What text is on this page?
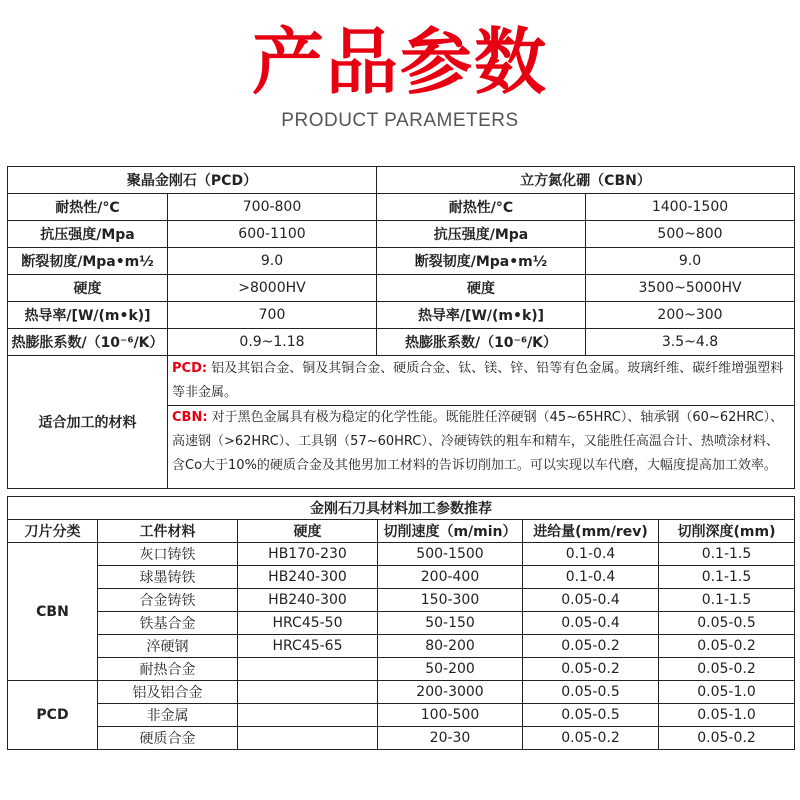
产品参数
PRODUCT PARAMETERS
聚晶金刚石（PCD）		立方氮化硼（CBN）	
耐热性/°C	700-800	耐热性/°C	1400-1500
抗压强度/Mpa	600-1100	抗压强度/Mpa	500~800
断裂韧度/Mpa•m½	9.0	断裂韧度/Mpa•m½	9.0
硬度	>8000HV	硬度	3500~5000HV
热导率/[W/(m•k)]	700	热导率/[W/(m•k)]	200~300
热膨胀系数/（10⁻⁶/K）	0.9~1.18	热膨胀系数/（10⁻⁶/K）	3.5~4.8
适合加工的材料	PCD: 铝及其铝合金、铜及其铜合金、硬质合金、钛、镁、锌、铅等有色金属。玻璃纤维、碳纤维增强塑料等非金属。
CBN: 对于黑色金属具有极为稳定的化学性能。既能胜任淬硬钢（45~65HRC）、轴承钢（60~62HRC）、高速钢（>62HRC）、工具钢（57~60HRC）、冷硬铸铁的粗车和精车，又能胜任高温合计、热喷涂材料、含Co大于10%的硬质合金及其他男加工材料的告诉切削加工。可以实现以车代磨，大幅度提高加工效率。		
金刚石刀具材料加工参数推荐					
刀片分类	工件材料	硬度	切削速度（m/min）	进给量(mm/rev)	切削深度(mm)
CBN	灰口铸铁	HB170-230	500-1500	0.1-0.4	0.1-1.5
	球墨铸铁	HB240-300	200-400	0.1-0.4	0.1-1.5
	合金铸铁	HB240-300	150-300	0.05-0.4	0.1-1.5
	铁基合金	HRC45-50	50-150	0.05-0.4	0.05-0.5
	淬硬钢	HRC45-65	80-200	0.05-0.2	0.05-0.2
	耐热合金		50-200	0.05-0.2	0.05-0.2
PCD	铝及铝合金		200-3000	0.05-0.5	0.05-1.0
	非金属		100-500	0.05-0.5	0.05-1.0
	硬质合金		20-30	0.05-0.2	0.05-0.2
